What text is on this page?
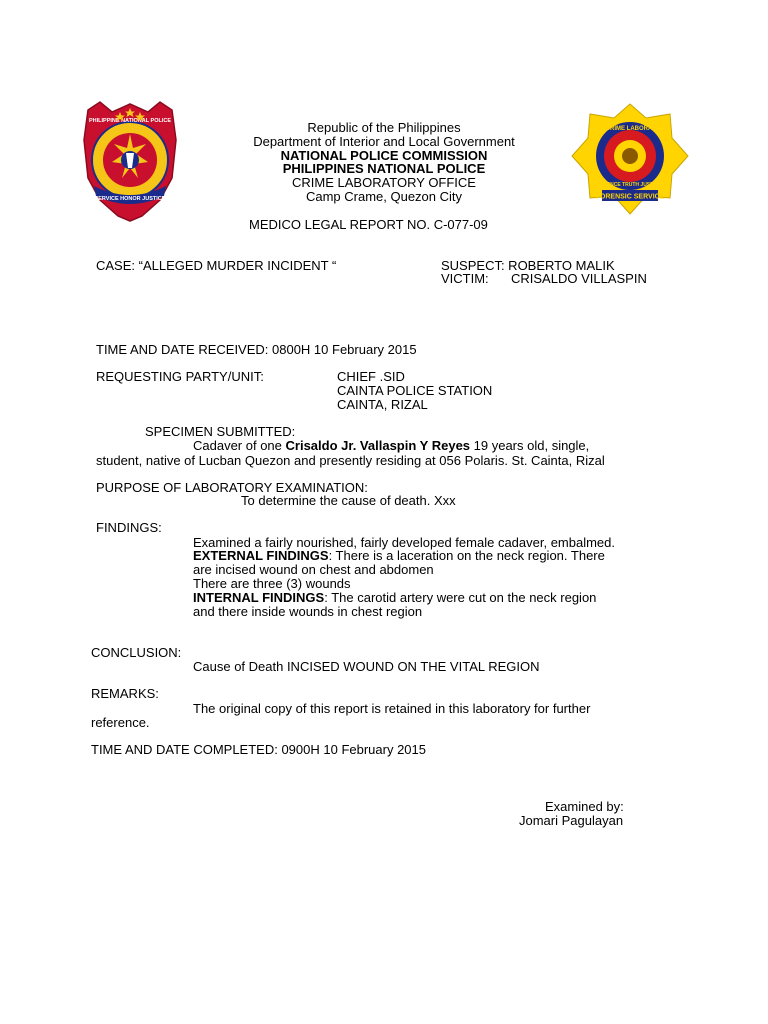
SERVICE HONOR JUSTICE
PHILIPPINE NATIONAL POLICE
PNP CRIME LABORATORY
SCIENCE TRUTH JUSTICE
FORENSIC SERVICE
Republic of the Philippines
Department of Interior and Local Government
NATIONAL POLICE COMMISSION
PHILIPPINES NATIONAL POLICE
CRIME LABORATORY OFFICE
Camp Crame, Quezon City
MEDICO LEGAL REPORT NO. C-077-09
CASE: “ALLEGED MURDER INCIDENT “	SUSPECT: ROBERTO MALIK
VICTIM: CRISALDO VILLASPIN
TIME AND DATE RECEIVED: 0800H 10 February 2015
REQUESTING PARTY/UNIT:	CHIEF .SID
CAINTA POLICE STATION
CAINTA, RIZAL
SPECIMEN SUBMITTED:
Cadaver of one Crisaldo Jr. Vallaspin Y Reyes 19 years old, single,
student, native of Lucban Quezon and presently residing at 056 Polaris. St. Cainta, Rizal
PURPOSE OF LABORATORY EXAMINATION:
To determine the cause of death. Xxx
FINDINGS:
Examined a fairly nourished, fairly developed female cadaver, embalmed.
EXTERNAL FINDINGS: There is a laceration on the neck region. There
are incised wound on chest and abdomen
There are three (3) wounds
INTERNAL FINDINGS: The carotid artery were cut on the neck region
and there inside wounds in chest region
CONCLUSION:
Cause of Death INCISED WOUND ON THE VITAL REGION
REMARKS:
The original copy of this report is retained in this laboratory for further
reference.
TIME AND DATE COMPLETED: 0900H 10 February 2015
Examined by:
Jomari Pagulayan
